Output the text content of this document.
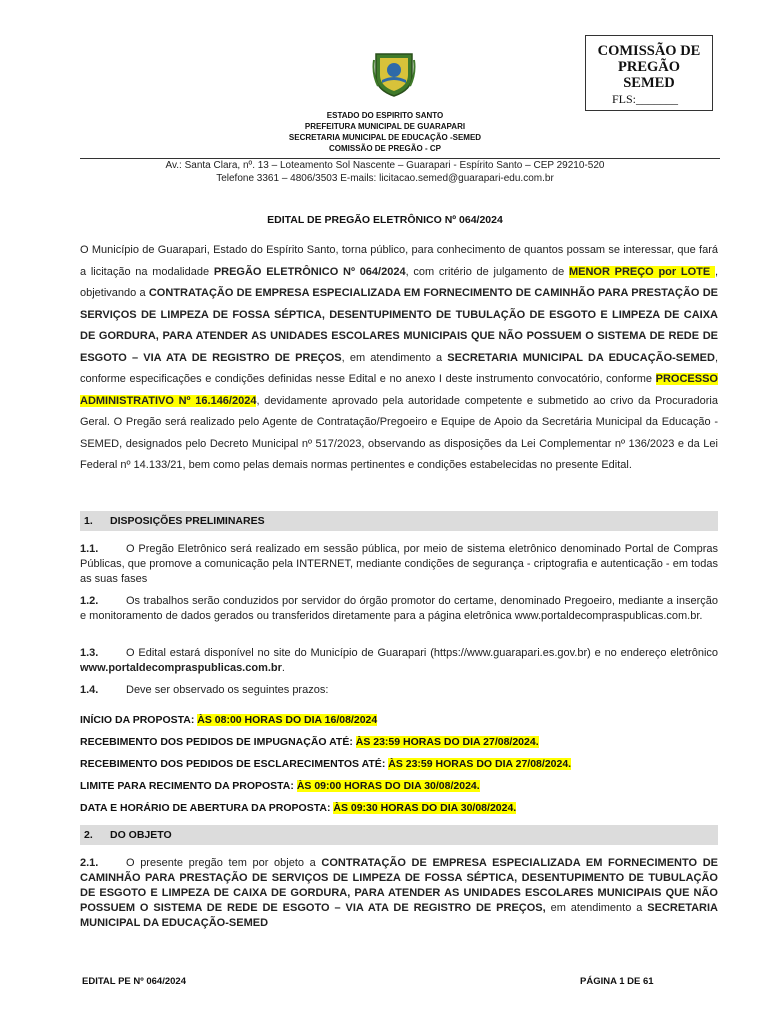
COMISSÃO DE
PREGÃO
SEMED
FLS:_______
ESTADO DO ESPIRITO SANTO
PREFEITURA MUNICIPAL DE GUARAPARI
SECRETARIA MUNICIPAL DE EDUCAÇÃO -SEMED
COMISSÃO DE PREGÃO - CP
Av.: Santa Clara, nº. 13 – Loteamento Sol Nascente – Guarapari - Espírito Santo – CEP 29210-520
Telefone 3361 – 4806/3503 E-mails: licitacao.semed@guarapari-edu.com.br
EDITAL DE PREGÃO ELETRÔNICO Nº 064/2024

O Município de Guarapari, Estado do Espírito Santo, torna público, para conhecimento de quantos possam se interessar, que fará a licitação na modalidade PREGÃO ELETRÔNICO Nº 064/2024, com critério de julgamento de MENOR PREÇO por LOTE , objetivando a CONTRATAÇÃO DE EMPRESA ESPECIALIZADA EM FORNECIMENTO DE CAMINHÃO PARA PRESTAÇÃO DE SERVIÇOS DE LIMPEZA DE FOSSA SÉPTICA, DESENTUPIMENTO DE TUBULAÇÃO DE ESGOTO E LIMPEZA DE CAIXA DE GORDURA, PARA ATENDER AS UNIDADES ESCOLARES MUNICIPAIS QUE NÃO POSSUEM O SISTEMA DE REDE DE ESGOTO – VIA ATA DE REGISTRO DE PREÇOS, em atendimento a SECRETARIA MUNICIPAL DA EDUCAÇÃO-SEMED, conforme especificações e condições definidas nesse Edital e no anexo I deste instrumento convocatório, conforme PROCESSO ADMINISTRATIVO Nº 16.146/2024, devidamente aprovado pela autoridade competente e submetido ao crivo da Procuradoria Geral. O Pregão será realizado pelo Agente de Contratação/Pregoeiro e Equipe de Apoio da Secretária Municipal da Educação - SEMED, designados pelo Decreto Municipal nº 517/2023, observando as disposições da Lei Complementar nº 136/2023 e da Lei Federal nº 14.133/21, bem como pelas demais normas pertinentes e condições estabelecidas no presente Edital.

1. DISPOSIÇÕES PRELIMINARES
1.1.	O Pregão Eletrônico será realizado em sessão pública, por meio de sistema eletrônico denominado Portal de Compras Públicas, que promove a comunicação pela INTERNET, mediante condições de segurança - criptografia e autenticação - em todas as suas fases
1.2.	Os trabalhos serão conduzidos por servidor do órgão promotor do certame, denominado Pregoeiro, mediante a inserção e monitoramento de dados gerados ou transferidos diretamente para a página eletrônica www.portaldecompraspublicas.com.br.
1.3.	O Edital estará disponível no site do Município de Guarapari (https://www.guarapari.es.gov.br) e no endereço eletrônico www.portaldecompraspublicas.com.br.
1.4.	Deve ser observado os seguintes prazos:
INÍCIO DA PROPOSTA: ÀS 08:00 HORAS DO DIA 16/08/2024
RECEBIMENTO DOS PEDIDOS DE IMPUGNAÇÃO ATÉ: ÀS 23:59 HORAS DO DIA 27/08/2024.
RECEBIMENTO DOS PEDIDOS DE ESCLARECIMENTOS ATÉ: ÀS 23:59 HORAS DO DIA 27/08/2024.
LIMITE PARA RECIMENTO DA PROPOSTA: ÀS 09:00 HORAS DO DIA 30/08/2024.
DATA E HORÁRIO DE ABERTURA DA PROPOSTA: ÀS 09:30 HORAS DO DIA 30/08/2024.
2. DO OBJETO
2.1.	O presente pregão tem por objeto a CONTRATAÇÃO DE EMPRESA ESPECIALIZADA EM FORNECIMENTO DE CAMINHÃO PARA PRESTAÇÃO DE SERVIÇOS DE LIMPEZA DE FOSSA SÉPTICA, DESENTUPIMENTO DE TUBULAÇÃO DE ESGOTO E LIMPEZA DE CAIXA DE GORDURA, PARA ATENDER AS UNIDADES ESCOLARES MUNICIPAIS QUE NÃO POSSUEM O SISTEMA DE REDE DE ESGOTO – VIA ATA DE REGISTRO DE PREÇOS, em atendimento a SECRETARIA MUNICIPAL DA EDUCAÇÃO-SEMED
EDITAL PE Nº 064/2024	PÁGINA 1 DE 61
